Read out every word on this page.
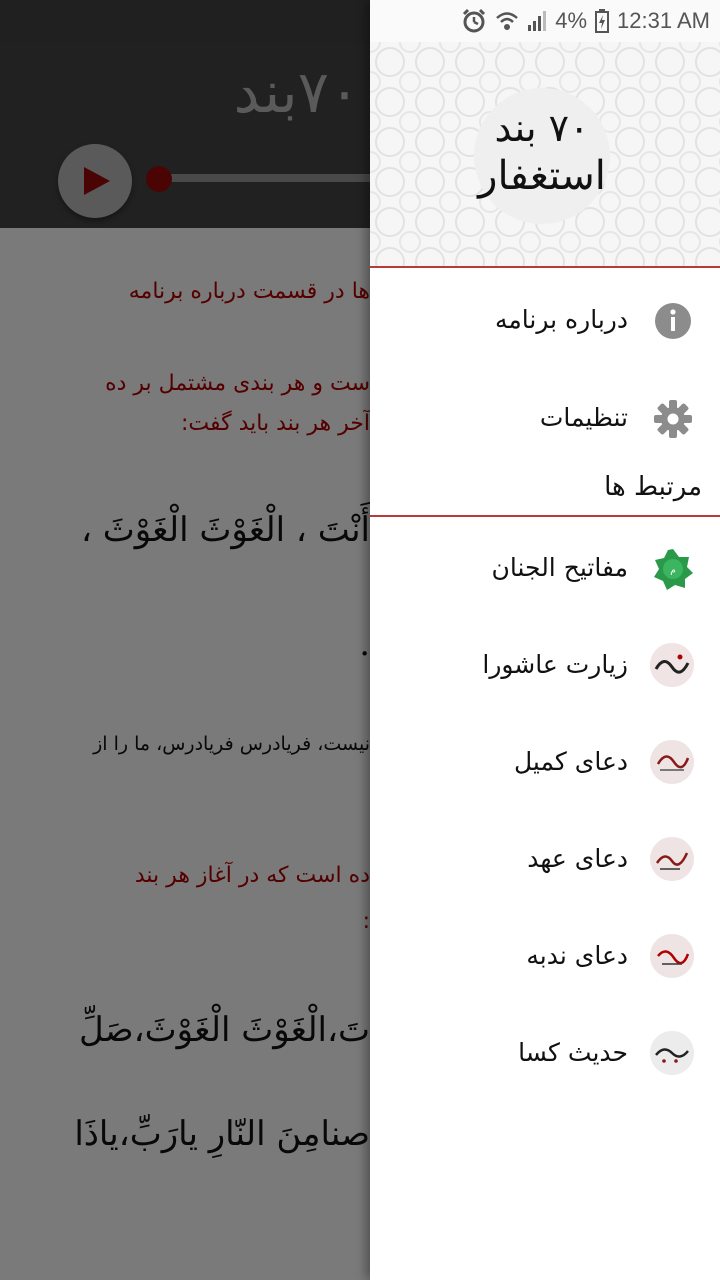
4% 12:31 AM
۷۰ بند
استغفار
درباره برنامه
تنظیمات
مرتبط ها
م
مفاتیح الجنان
زیارت عاشورا
دعای کمیل
دعای عهد
دعای ندبه
حدیث کسا
